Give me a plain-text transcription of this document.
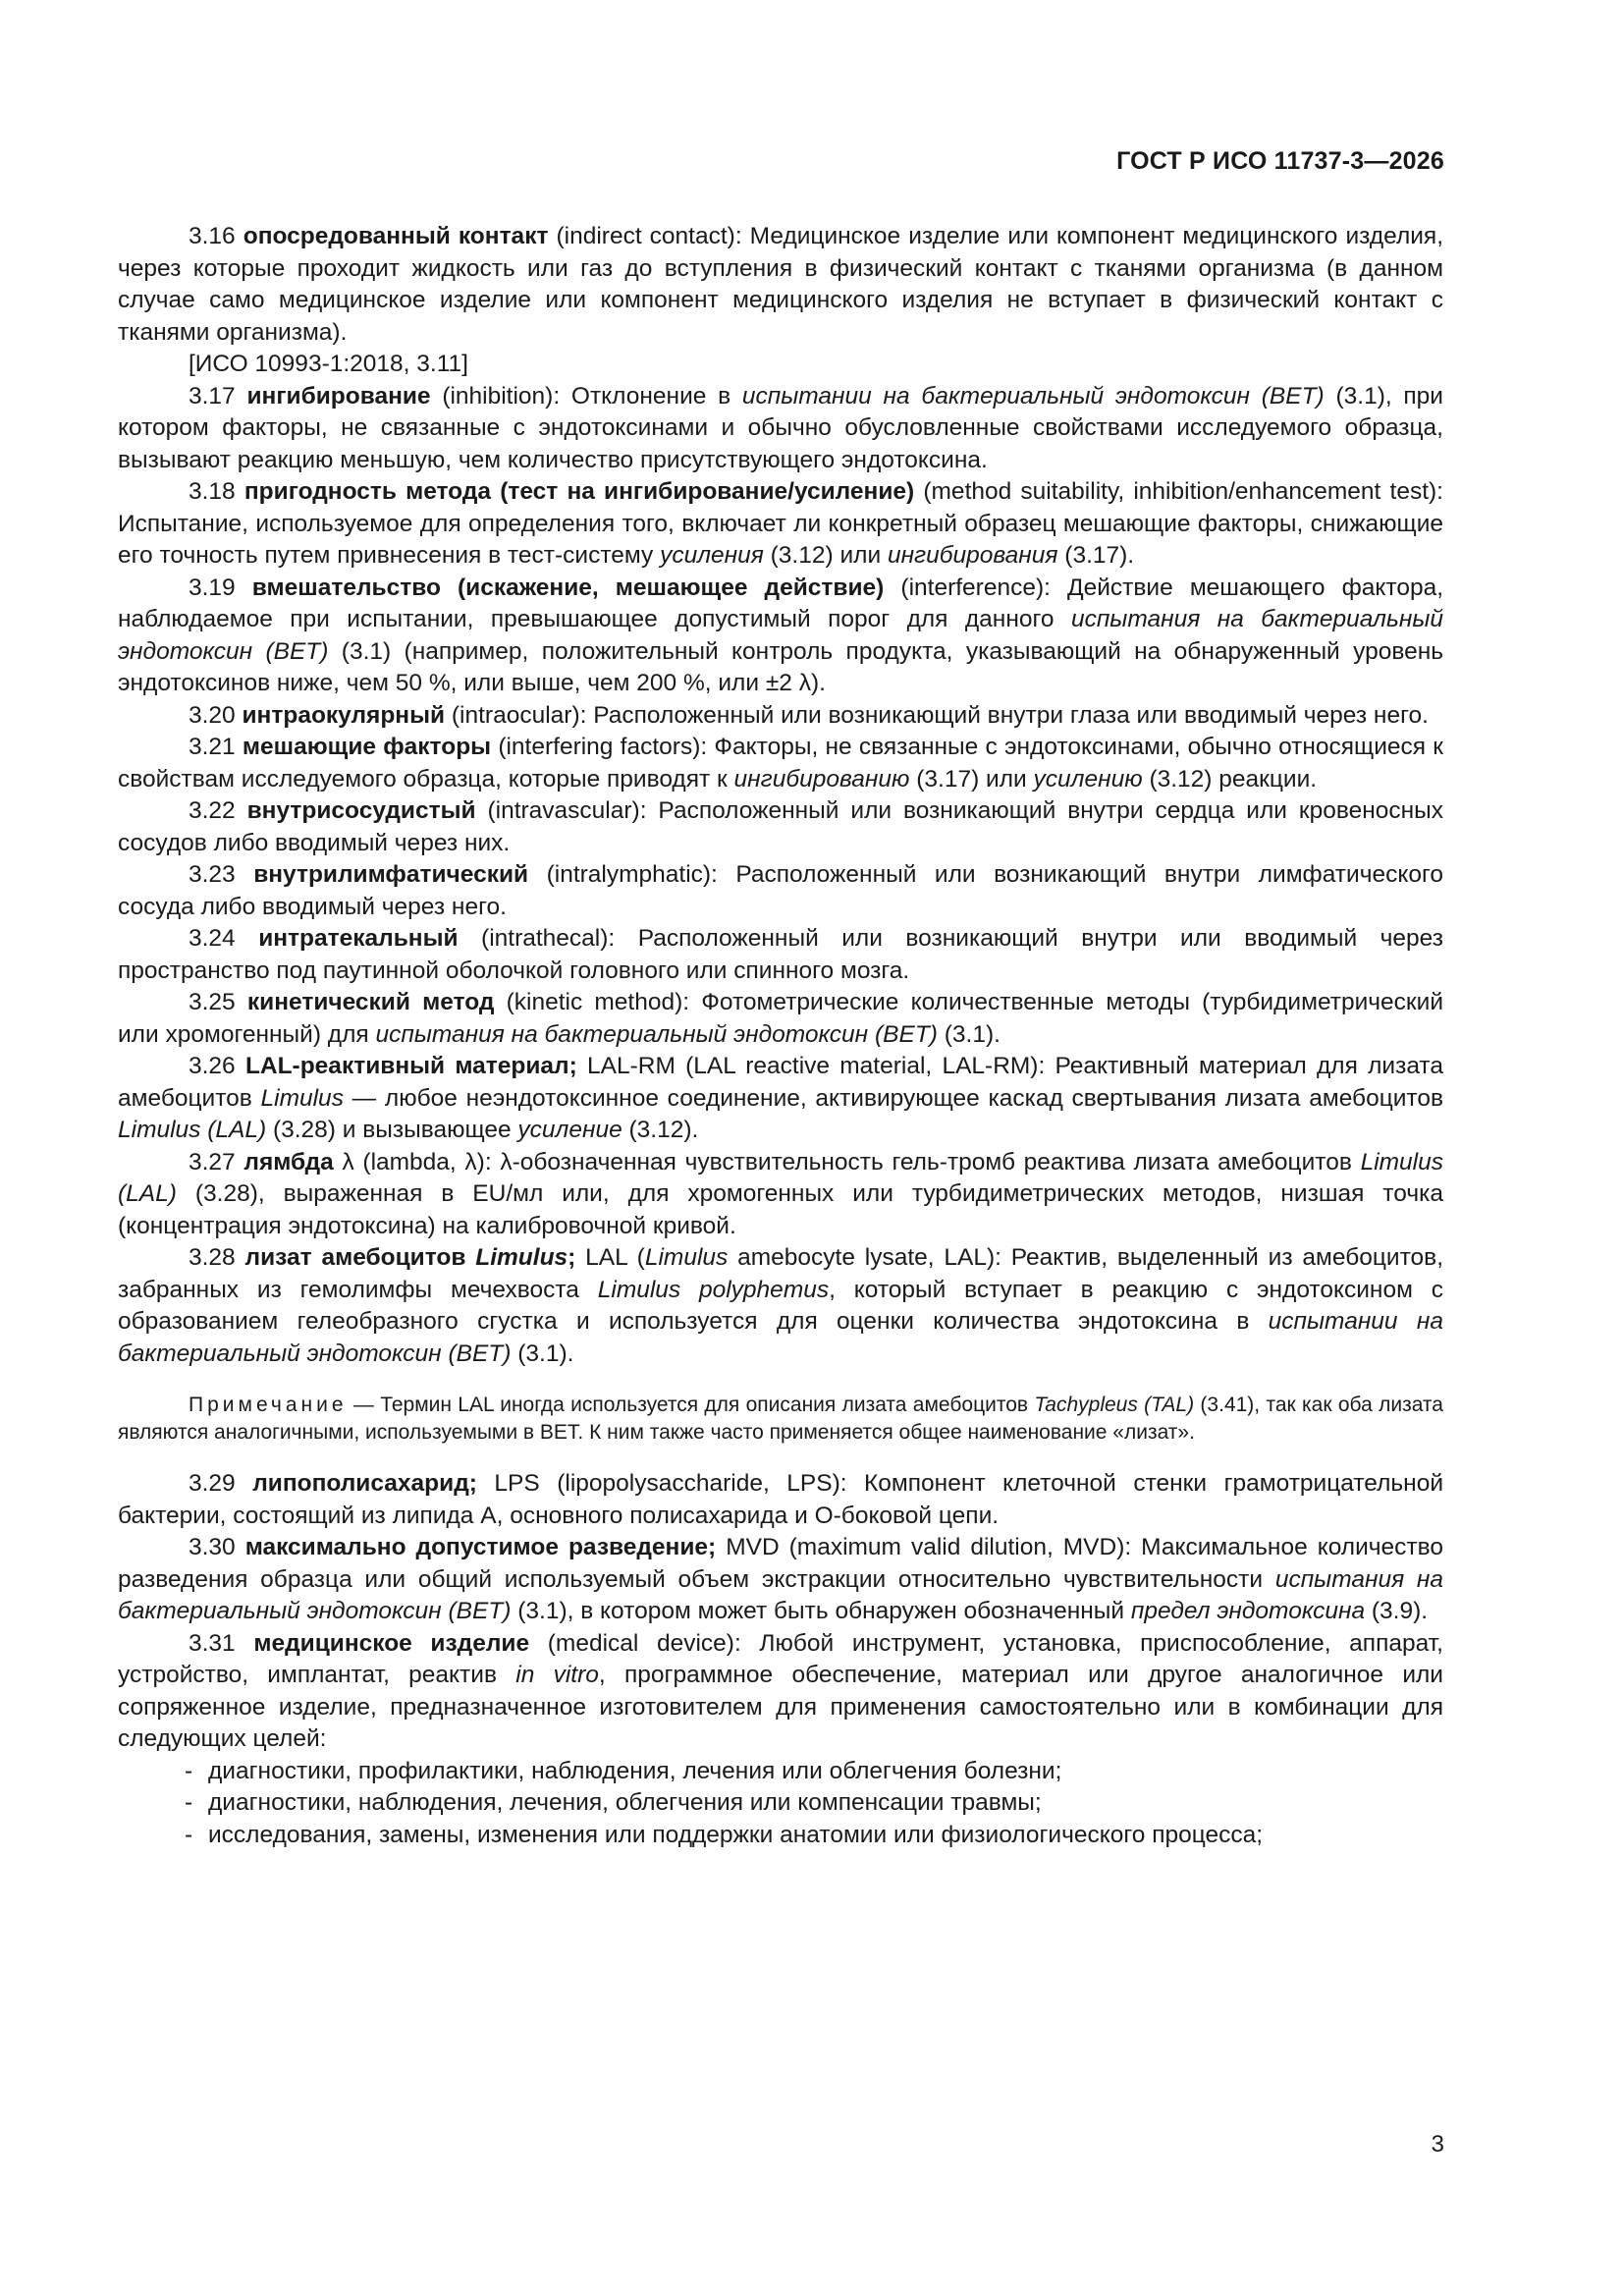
ГОСТ Р ИСО 11737-3—2026

3.16 опосредованный контакт (indirect contact): Медицинское изделие или компонент медицинского изделия, через которые проходит жидкость или газ до вступления в физический контакт с тканями организма (в данном случае само медицинское изделие или компонент медицинского изделия не вступает в физический контакт с тканями организма).

[ИСО 10993-1:2018, 3.11]

3.17 ингибирование (inhibition): Отклонение в испытании на бактериальный эндотоксин (BET) (3.1), при котором факторы, не связанные с эндотоксинами и обычно обусловленные свойствами исследуемого образца, вызывают реакцию меньшую, чем количество присутствующего эндотоксина.

3.18 пригодность метода (тест на ингибирование/усиление) (method suitability, inhibition/enhancement test): Испытание, используемое для определения того, включает ли конкретный образец мешающие факторы, снижающие его точность путем привнесения в тест-систему усиления (3.12) или ингибирования (3.17).

3.19 вмешательство (искажение, мешающее действие) (interference): Действие мешающего фактора, наблюдаемое при испытании, превышающее допустимый порог для данного испытания на бактериальный эндотоксин (BET) (3.1) (например, положительный контроль продукта, указывающий на обнаруженный уровень эндотоксинов ниже, чем 50 %, или выше, чем 200 %, или ±2 λ).

3.20 интраокулярный (intraocular): Расположенный или возникающий внутри глаза или вводимый через него.

3.21 мешающие факторы (interfering factors): Факторы, не связанные с эндотоксинами, обычно относящиеся к свойствам исследуемого образца, которые приводят к ингибированию (3.17) или усилению (3.12) реакции.

3.22 внутрисосудистый (intravascular): Расположенный или возникающий внутри сердца или кровеносных сосудов либо вводимый через них.

3.23 внутрилимфатический (intralymphatic): Расположенный или возникающий внутри лимфатического сосуда либо вводимый через него.

3.24 интратекальный (intrathecal): Расположенный или возникающий внутри или вводимый через пространство под паутинной оболочкой головного или спинного мозга.

3.25 кинетический метод (kinetic method): Фотометрические количественные методы (турбидиметрический или хромогенный) для испытания на бактериальный эндотоксин (BET) (3.1).

3.26 LAL-реактивный материал; LAL-RM (LAL reactive material, LAL-RM): Реактивный материал для лизата амебоцитов Limulus — любое неэндотоксинное соединение, активирующее каскад свертывания лизата амебоцитов Limulus (LAL) (3.28) и вызывающее усиление (3.12).

3.27 лямбда λ (lambda, λ): λ-обозначенная чувствительность гель-тромб реактива лизата амебоцитов Limulus (LAL) (3.28), выраженная в EU/мл или, для хромогенных или турбидиметрических методов, низшая точка (концентрация эндотоксина) на калибровочной кривой.

3.28 лизат амебоцитов Limulus; LAL (Limulus amebocyte lysate, LAL): Реактив, выделенный из амебоцитов, забранных из гемолимфы мечехвоста Limulus polyphemus, который вступает в реакцию с эндотоксином с образованием гелеобразного сгустка и используется для оценки количества эндотоксина в испытании на бактериальный эндотоксин (BET) (3.1).

Примечание — Термин LAL иногда используется для описания лизата амебоцитов Tachypleus (TAL) (3.41), так как оба лизата являются аналогичными, используемыми в BET. К ним также часто применяется общее наименование «лизат».

3.29 липополисахарид; LPS (lipopolysaccharide, LPS): Компонент клеточной стенки грамотрицательной бактерии, состоящий из липида А, основного полисахарида и О-боковой цепи.

3.30 максимально допустимое разведение; MVD (maximum valid dilution, MVD): Максимальное количество разведения образца или общий используемый объем экстракции относительно чувствительности испытания на бактериальный эндотоксин (BET) (3.1), в котором может быть обнаружен обозначенный предел эндотоксина (3.9).

3.31 медицинское изделие (medical device): Любой инструмент, установка, приспособление, аппарат, устройство, имплантат, реактив in vitro, программное обеспечение, материал или другое аналогичное или сопряженное изделие, предназначенное изготовителем для применения самостоятельно или в комбинации для следующих целей:

- диагностики, профилактики, наблюдения, лечения или облегчения болезни;

- диагностики, наблюдения, лечения, облегчения или компенсации травмы;

- исследования, замены, изменения или поддержки анатомии или физиологического процесса;

3
